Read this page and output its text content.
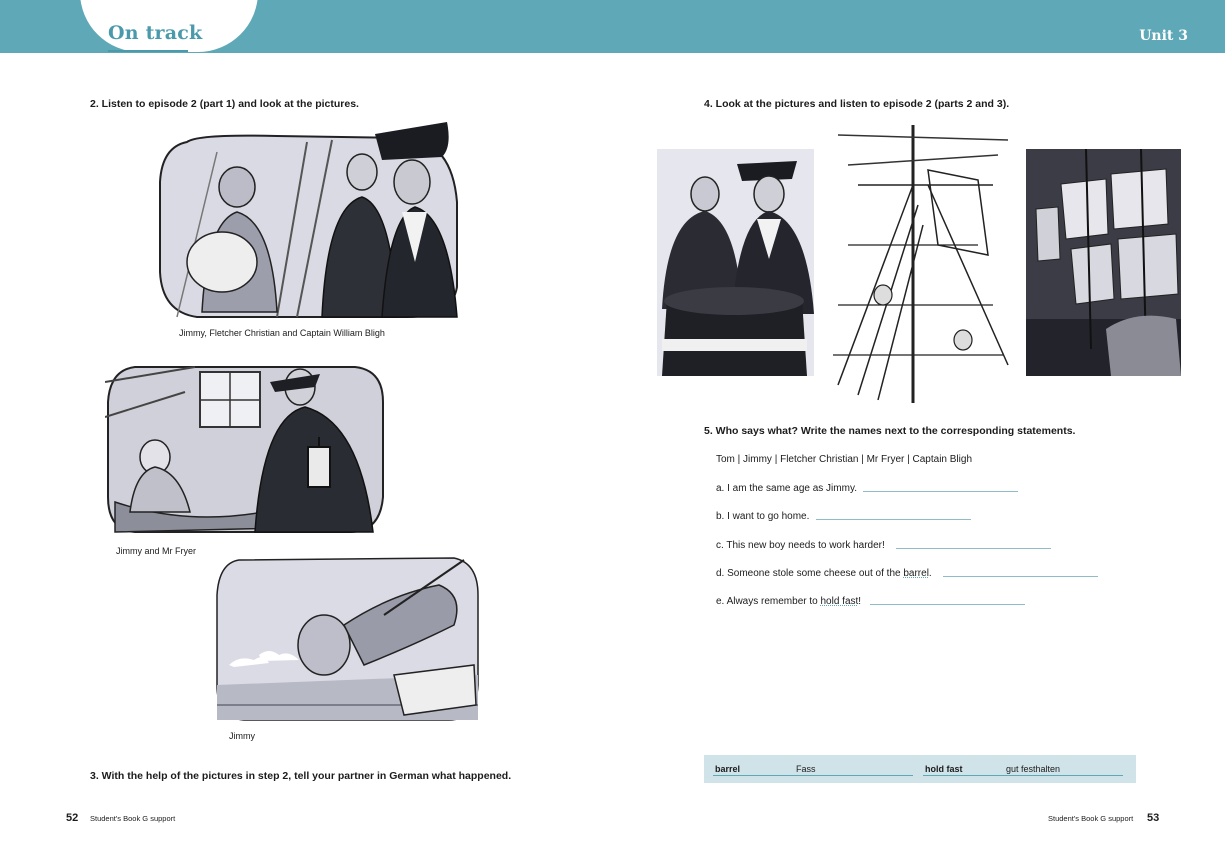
On track	Unit 3
2. Listen to episode 2 (part 1) and look at the pictures.
Jimmy, Fletcher Christian and Captain William Bligh
Jimmy and Mr Fryer
Jimmy
3. With the help of the pictures in step 2, tell your partner in German what happened.
52 Student's Book G support
4. Look at the pictures and listen to episode 2 (parts 2 and 3).
5. Who says what? Write the names next to the corresponding statements.
Tom | Jimmy | Fletcher Christian | Mr Fryer | Captain Bligh
a. I am the same age as Jimmy.
b. I want to go home.
c. This new boy needs to work harder!
d. Someone stole some cheese out of the barrel.
e. Always remember to hold fast!
barrel	Fass	hold fast	gut festhalten
Student's Book G support 53
